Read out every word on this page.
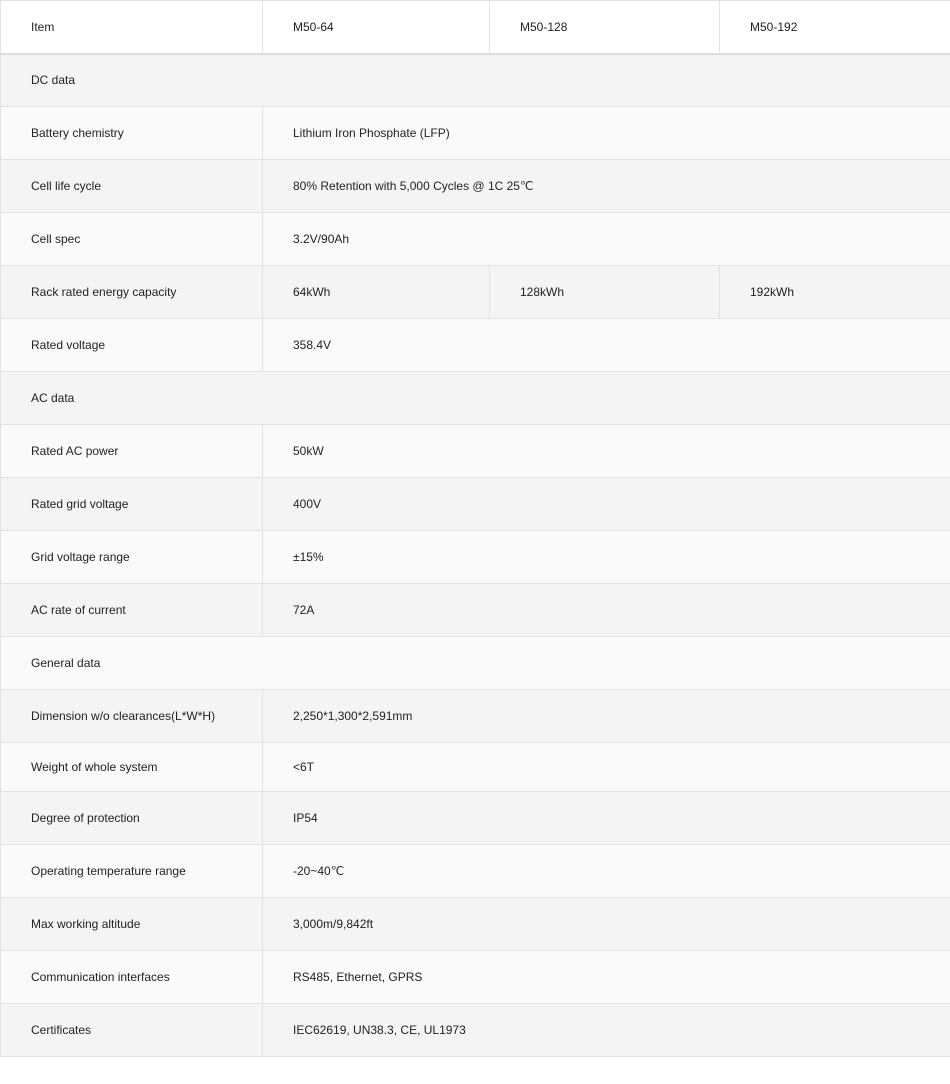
Item	M50-64	M50-128	M50-192
DC data			
Battery chemistry	Lithium Iron Phosphate (LFP)		
Cell life cycle	80% Retention with 5,000 Cycles @ 1C 25℃		
Cell spec	3.2V/90Ah		
Rack rated energy capacity	64kWh	128kWh	192kWh
Rated voltage	358.4V		
AC data			
Rated AC power	50kW		
Rated grid voltage	400V		
Grid voltage range	±15%		
AC rate of current	72A		
General data			
Dimension w/o clearances(L*W*H)	2,250*1,300*2,591mm		
Weight of whole system	<6T		
Degree of protection	IP54		
Operating temperature range	-20~40℃		
Max working altitude	3,000m/9,842ft		
Communication interfaces	RS485, Ethernet, GPRS		
Certificates	IEC62619, UN38.3, CE, UL1973		
